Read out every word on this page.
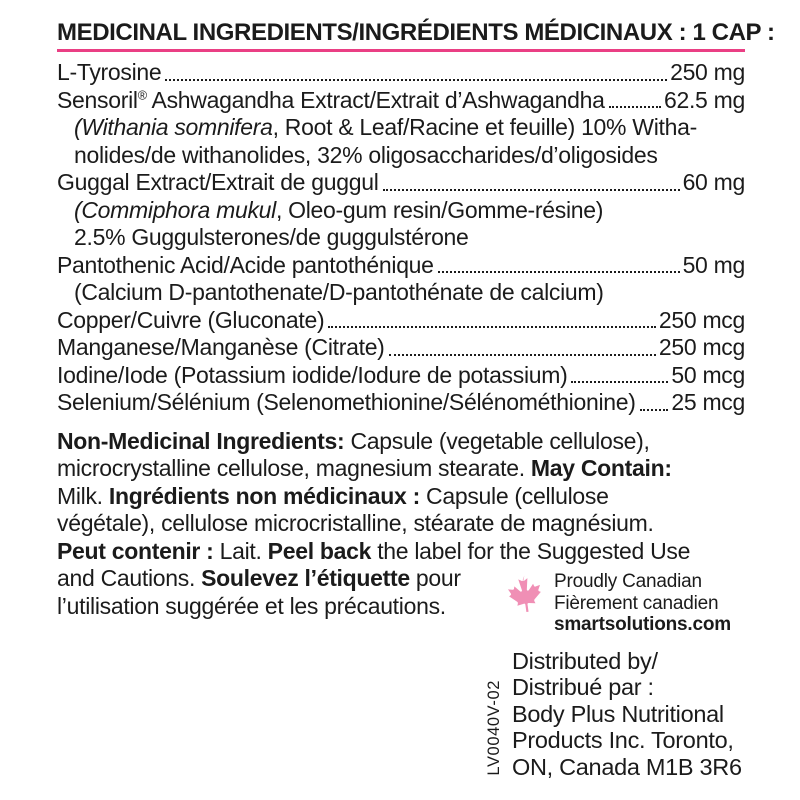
MEDICINAL INGREDIENTS/INGRÉDIENTS MÉDICINAUX : 1 CAP :
L-Tyrosine	250 mg
Sensoril® Ashwagandha Extract/Extrait d’Ashwagandha	62.5 mg
(Withania somnifera, Root & Leaf/Racine et feuille) 10% Witha-
nolides/de withanolides, 32% oligosaccharides/d’oligosides
Guggal Extract/Extrait de guggul	60 mg
(Commiphora mukul, Oleo-gum resin/Gomme-résine)
2.5% Guggulsterones/de guggulstérone
Pantothenic Acid/Acide pantothénique	50 mg
(Calcium D-pantothenate/D-pantothénate de calcium)
Copper/Cuivre (Gluconate)	250 mcg
Manganese/Manganèse (Citrate)	250 mcg
Iodine/Iode (Potassium iodide/Iodure de potassium)	50 mcg
Selenium/Sélénium (Selenomethionine/Sélénométhionine) 25 mcg
Non-Medicinal Ingredients: Capsule (vegetable cellulose),
microcrystalline cellulose, magnesium stearate. May Contain:
Milk. Ingrédients non médicinaux : Capsule (cellulose
végétale), cellulose microcristalline, stéarate de magnésium.
Peut contenir : Lait. Peel back the label for the Suggested Use
and Cautions. Soulevez l’étiquette pour
l’utilisation suggérée et les précautions.
Proudly Canadian
Fièrement canadien
smartsolutions.com
LV0040V-02
Distributed by/
Distribué par :
Body Plus Nutritional
Products Inc. Toronto,
ON, Canada M1B 3R6
